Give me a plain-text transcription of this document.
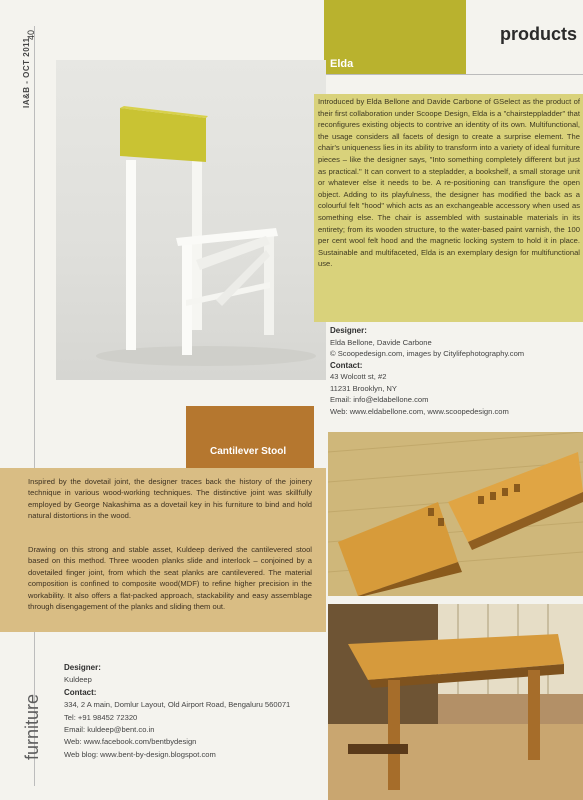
40
IA&B - OCT 2011
products
Elda
Introduced by Elda Bellone and Davide Carbone of GSelect as the product of their first collaboration under Scoope Design, Elda is a "chairsteppladder" that reconfigures existing objects to contrive an identity of its own. Multifunctional, the usage considers all facets of design to create a surprise element. The chair's uniqueness lies in its ability to transform into a variety of ideal furniture pieces – like the designer says, "Into something completely different but just as practical." It can convert to a stepladder, a bookshelf, a small storage unit or whatever else it needs to be. A re-positioning can transfigure the open object. Adding to its playfulness, the designer has modified the back as a colourful felt "hood" which acts as an exchangeable accessory when used as something else. The chair is assembled with sustainable materials in its entirety; from its wooden structure, to the water-based paint varnish, the 100 per cent wool felt hood and the magnetic locking system to hold it in place. Sustainable and multifaceted, Elda is an exemplary design for multifunctional use.
Designer:
Elda Bellone, Davide Carbone
© Scoopedesign.com, images by Citylifephotography.com
Contact:
43 Wolcott st, #2
11231 Brooklyn, NY
Email: info@eldabellone.com
Web: www.eldabellone.com, www.scoopedesign.com
Cantilever Stool
Inspired by the dovetail joint, the designer traces back the history of the joinery technique in various wood-working techniques. The distinctive joint was skillfully employed by George Nakashima as a dovetail key in his furniture to bind and hold natural distortions in the wood.
Drawing on this strong and stable asset, Kuldeep derived the cantilevered stool based on this method. Three wooden planks slide and interlock – conjoined by a dovetailed finger joint, from which the seat planks are cantilevered. The material composition is confined to composite wood(MDF) to refine higher precision in the workability. It also offers a flat-packed approach, stackability and easy assemblage through disengagement of the planks and sliding them out.
furniture
Designer:
Kuldeep
Contact:
334, 2 A main, Domlur Layout, Old Airport Road, Bengaluru 560071
Tel: +91 98452 72320
Email: kuldeep@bent.co.in
Web: www.facebook.com/bentbydesign
Web blog: www.bent-by-design.blogspot.com
